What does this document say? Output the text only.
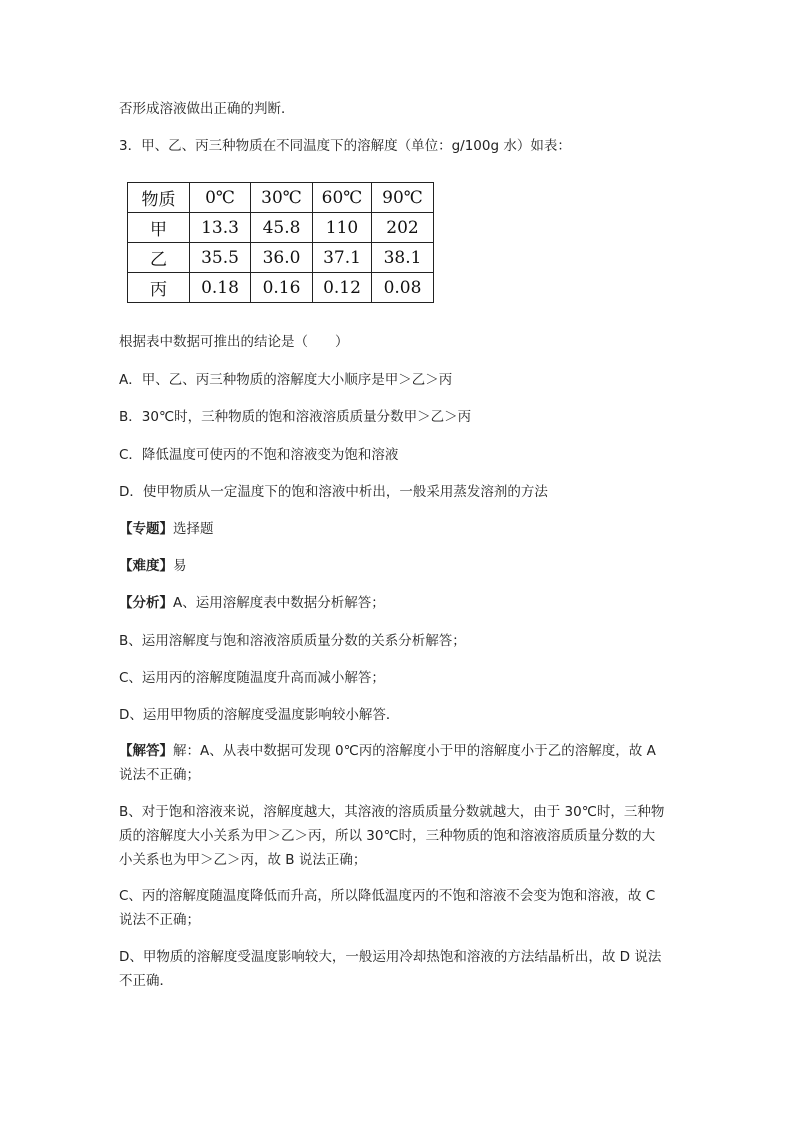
否形成溶液做出正确的判断．
3．甲、乙、丙三种物质在不同温度下的溶解度（单位：g/100g 水）如表：
物质	0℃	30℃	60℃	90℃
甲	13.3	45.8	110	202
乙	35.5	36.0	37.1	38.1
丙	0.18	0.16	0.12	0.08
根据表中数据可推出的结论是（　　）
A．甲、乙、丙三种物质的溶解度大小顺序是甲＞乙＞丙
B．30℃时，三种物质的饱和溶液溶质质量分数甲＞乙＞丙
C．降低温度可使丙的不饱和溶液变为饱和溶液
D．使甲物质从一定温度下的饱和溶液中析出，一般采用蒸发溶剂的方法
【专题】选择题
【难度】易
【分析】A、运用溶解度表中数据分析解答；
B、运用溶解度与饱和溶液溶质质量分数的关系分析解答；
C、运用丙的溶解度随温度升高而减小解答；
D、运用甲物质的溶解度受温度影响较小解答．
【解答】解：A、从表中数据可发现 0℃丙的溶解度小于甲的溶解度小于乙的溶解度，故 A
说法不正确；
B、对于饱和溶液来说，溶解度越大，其溶液的溶质质量分数就越大，由于 30℃时，三种物
质的溶解度大小关系为甲＞乙＞丙，所以 30℃时，三种物质的饱和溶液溶质质量分数的大
小关系也为甲＞乙＞丙，故 B 说法正确；
C、丙的溶解度随温度降低而升高，所以降低温度丙的不饱和溶液不会变为饱和溶液，故 C
说法不正确；
D、甲物质的溶解度受温度影响较大，一般运用冷却热饱和溶液的方法结晶析出，故 D 说法
不正确．
